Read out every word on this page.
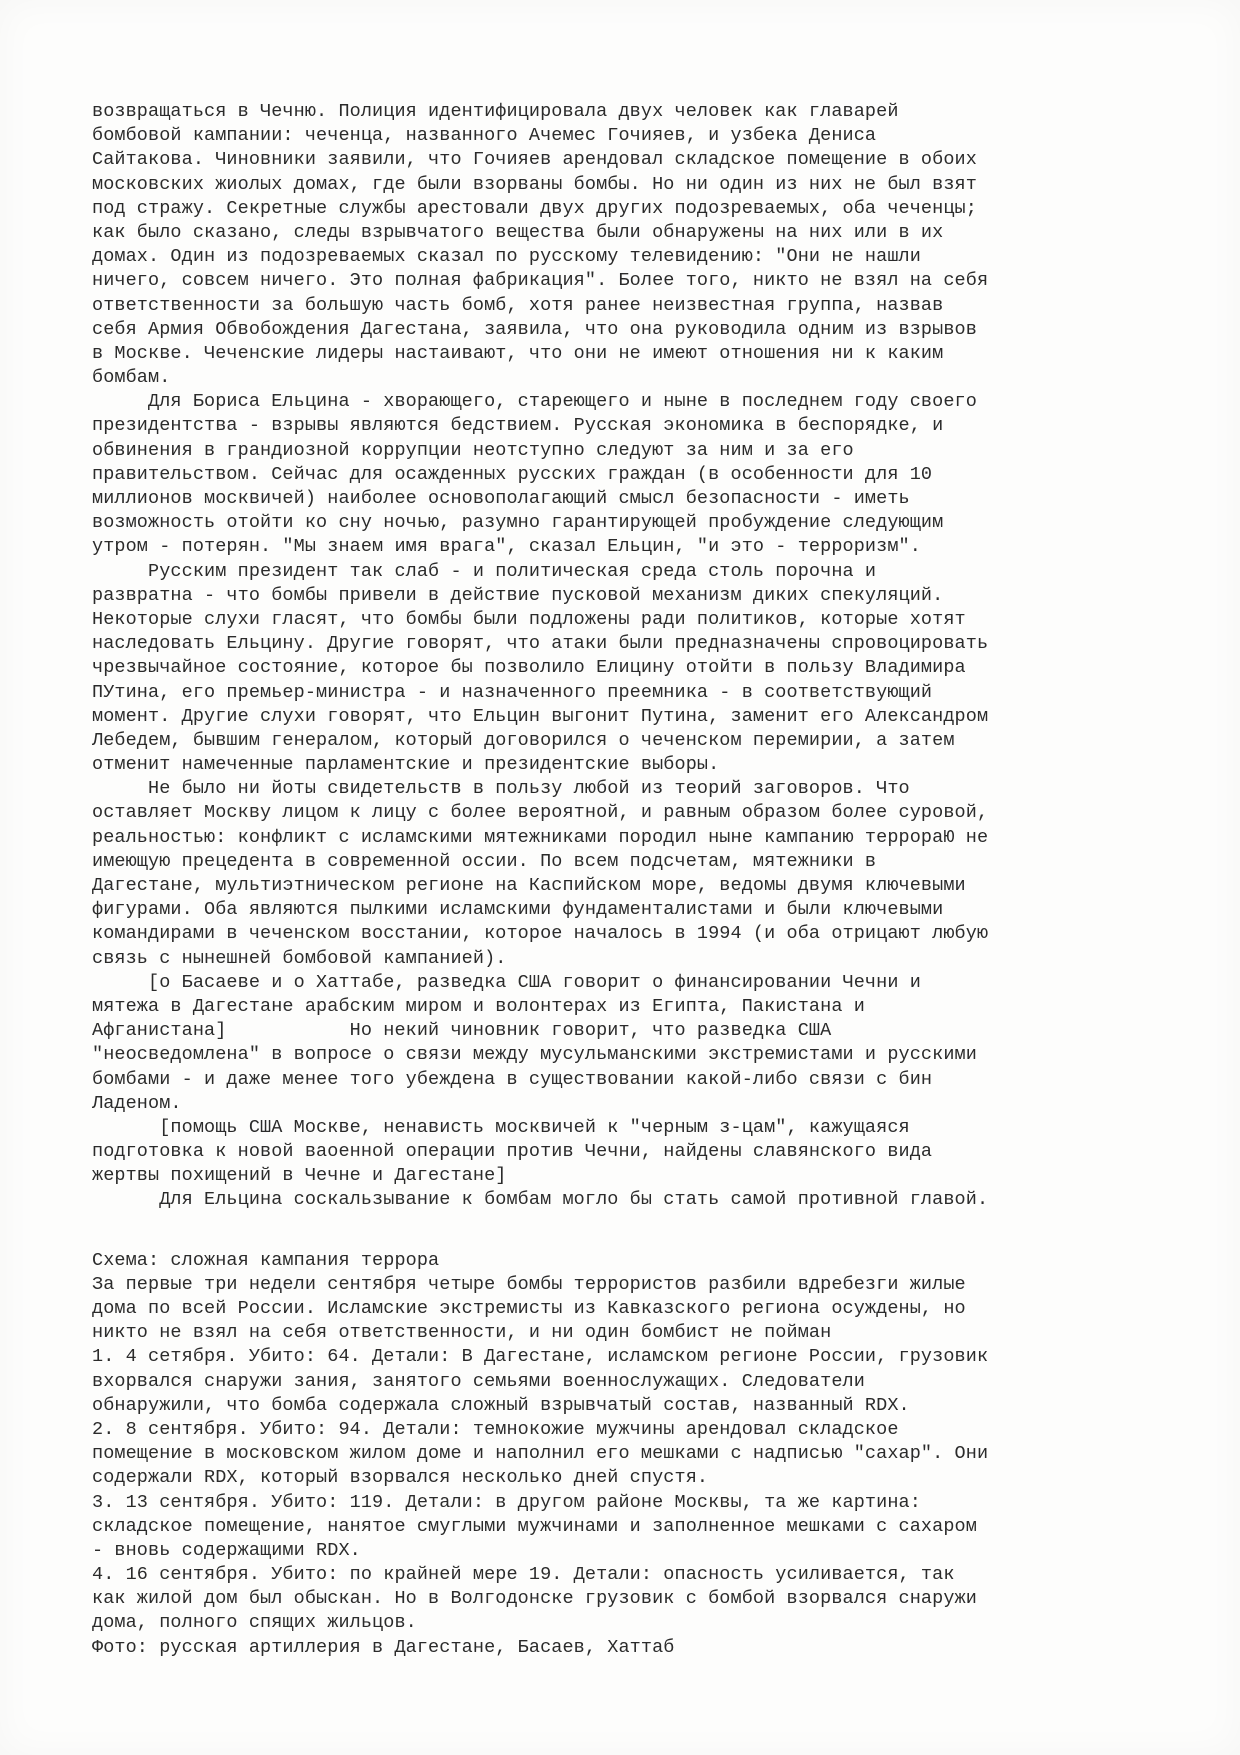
возвращаться в Чечню. Полиция идентифицировала двух человек как главарей
бомбовой кампании: чеченца, названного Ачемес Гочияев, и узбека Дениса
Сайтакова. Чиновники заявили, что Гочияев арендовал складское помещение в обоих
московских жиолых домах, где были взорваны бомбы. Но ни один из них не был взят
под стражу. Секретные службы арестовали двух других подозреваемых, оба чеченцы;
как было сказано, следы взрывчатого вещества были обнаружены на них или в их
домах. Один из подозреваемых сказал по русскому телевидению: "Они не нашли
ничего, совсем ничего. Это полная фабрикация". Более того, никто не взял на себя
ответственности за большую часть бомб, хотя ранее неизвестная группа, назвав
себя Армия Обвобождения Дагестана, заявила, что она руководила одним из взрывов
в Москве. Чеченские лидеры настаивают, что они не имеют отношения ни к каким
бомбам.
Для Бориса Ельцина - хворающего, стареющего и ныне в последнем году своего
президентства - взрывы являются бедствием. Русская экономика в беспорядке, и
обвинения в грандиозной коррупции неотступно следуют за ним и за его
правительством. Сейчас для осажденных русских граждан (в особенности для 10
миллионов москвичей) наиболее основополагающий смысл безопасности - иметь
возможность отойти ко сну ночью, разумно гарантирующей пробуждение следующим
утром - потерян. "Мы знаем имя врага", сказал Ельцин, "и это - терроризм".
Русским президент так слаб - и политическая среда столь порочна и
развратна - что бомбы привели в действие пусковой механизм диких спекуляций.
Некоторые слухи гласят, что бомбы были подложены ради политиков, которые хотят
наследовать Ельцину. Другие говорят, что атаки были предназначены спровоцировать
чрезвычайное состояние, которое бы позволило Елицину отойти в пользу Владимира
ПУтина, его премьер-министра - и назначенного преемника - в соответствующий
момент. Другие слухи говорят, что Ельцин выгонит Путина, заменит его Александром
Лебедем, бывшим генералом, который договорился о чеченском перемирии, а затем
отменит намеченные парламентские и президентские выборы.
Не было ни йоты свидетельств в пользу любой из теорий заговоров. Что
оставляет Москву лицом к лицу с более вероятной, и равным образом более суровой,
реальностью: конфликт с исламскими мятежниками породил ныне кампанию террораЮ не
имеющую прецедента в современной оссии. По всем подсчетам, мятежники в
Дагестане, мультиэтническом регионе на Каспийском море, ведомы двумя ключевыми
фигурами. Оба являются пылкими исламскими фундаменталистами и были ключевыми
командирами в чеченском восстании, которое началось в 1994 (и оба отрицают любую
связь с нынешней бомбовой кампанией).
[о Басаеве и о Хаттабе, разведка США говорит о финансировании Чечни и
мятежа в Дагестане арабским миром и волонтерах из Египта, Пакистана и
Афганистана]           Но некий чиновник говорит, что разведка США
"неосведомлена" в вопросе о связи между мусульманскими экстремистами и русскими
бомбами - и даже менее того убеждена в существовании какой-либо связи с бин
Ладеном.
[помощь США Москве, ненависть москвичей к "черным з-цам", кажущаяся
подготовка к новой ваоенной операции против Чечни, найдены славянского вида
жертвы похищений в Чечне и Дагестане]
Для Ельцина соскальзывание к бомбам могло бы стать самой противной главой.
Схема: сложная кампания террора
За первые три недели сентября четыре бомбы террористов разбили вдребезги жилые
дома по всей России. Исламские экстремисты из Кавказского региона осуждены, но
никто не взял на себя ответственности, и ни один бомбист не пойман
1. 4 сетября. Убито: 64. Детали: В Дагестане, исламском регионе России, грузовик
вхорвался снаружи зания, занятого семьями военнослужащих. Следователи
обнаружили, что бомба содержала сложный взрывчатый состав, названный RDX.
2. 8 сентября. Убито: 94. Детали: темнокожие мужчины арендовал складское
помещение в московском жилом доме и наполнил его мешками с надписью "сахар". Они
содержали RDX, который взорвался несколько дней спустя.
3. 13 сентября. Убито: 119. Детали: в другом районе Москвы, та же картина:
складское помещение, нанятое смуглыми мужчинами и заполненное мешками с сахаром
- вновь содержащими RDX.
4. 16 сентября. Убито: по крайней мере 19. Детали: опасность усиливается, так
как жилой дом был обыскан. Но в Волгодонске грузовик с бомбой взорвался снаружи
дома, полного спящих жильцов.
Фото: русская артиллерия в Дагестане, Басаев, Хаттаб
